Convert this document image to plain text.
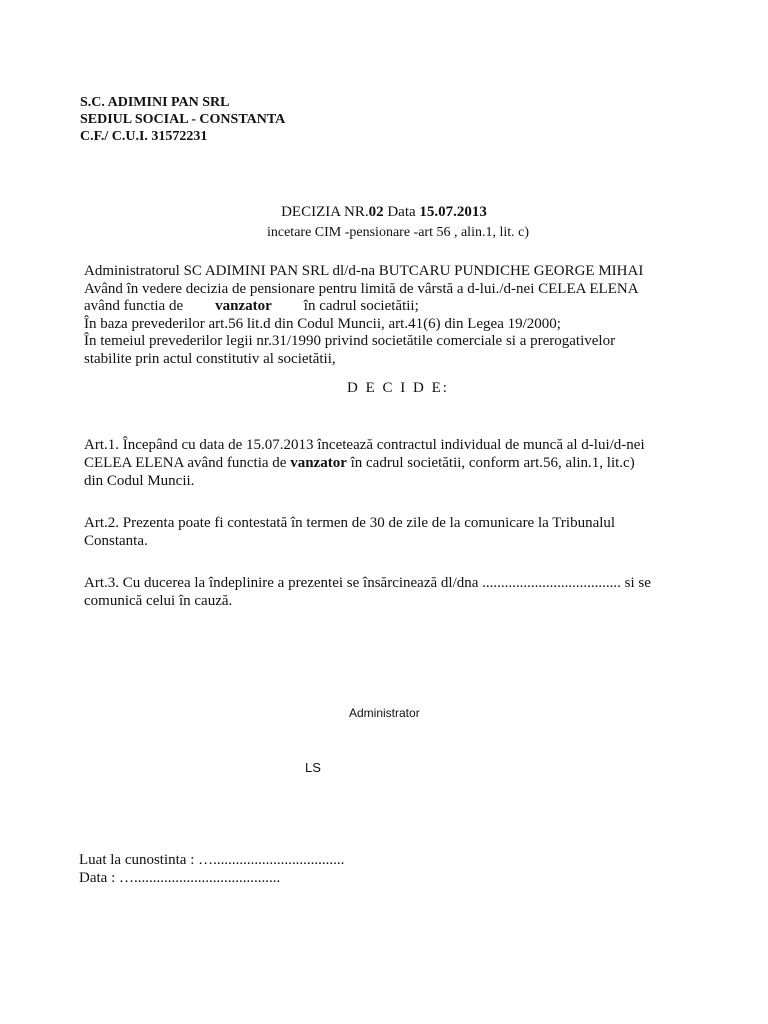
S.C. ADIMINI PAN SRL
SEDIUL SOCIAL - CONSTANTA
C.F./ C.U.I. 31572231
DECIZIA NR.02 Data 15.07.2013
incetare CIM -pensionare -art 56 , alin.1, lit. c)
Administratorul SC ADIMINI PAN SRL dl/d-na BUTCARU PUNDICHE GEORGE MIHAI
Având în vedere decizia de pensionare pentru limită de vârstă a d-lui./d-nei CELEA ELENA
având functia de vanzator în cadrul societătii;
În baza prevederilor art.56 lit.d din Codul Muncii, art.41(6) din Legea 19/2000;
În temeiul prevederilor legii nr.31/1990 privind societătile comerciale si a prerogativelor
stabilite prin actul constitutiv al societătii,
D E C I D E:
Art.1. Începând cu data de 15.07.2013 încetează contractul individual de muncă al d-lui/d-nei
CELEA ELENA având functia de vanzator în cadrul societătii, conform art.56, alin.1, lit.c)
din Codul Muncii.
Art.2. Prezenta poate fi contestată în termen de 30 de zile de la comunicare la Tribunalul
Constanta.
Art.3. Cu ducerea la îndeplinire a prezentei se însărcinează dl/dna ..................................... si se
comunică celui în cauză.
Administrator
LS
Luat la cunostinta : …...................................
Data : ….......................................
